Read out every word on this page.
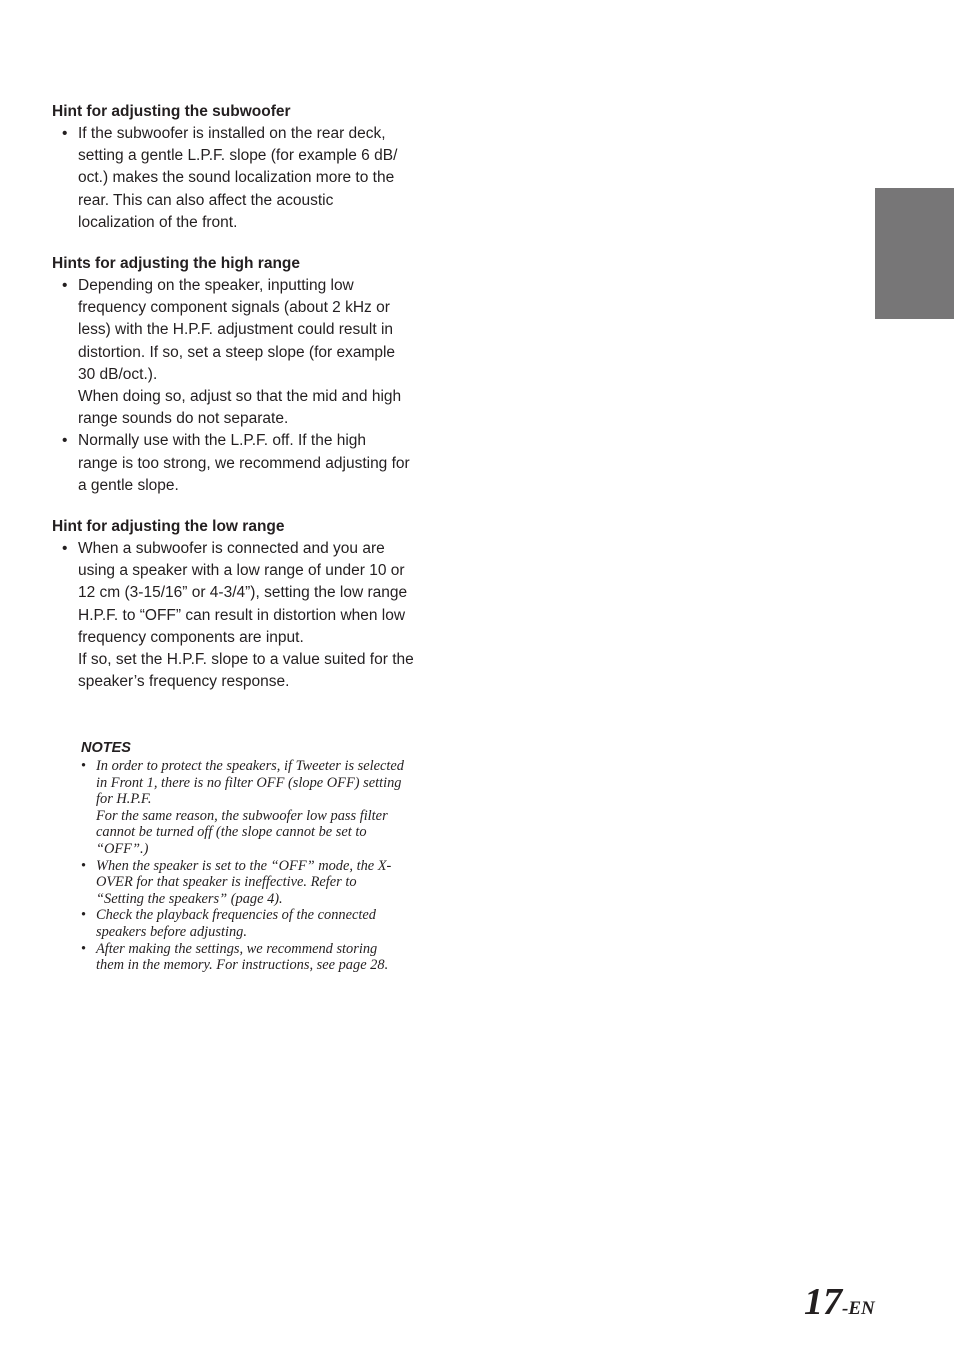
Hint for adjusting the subwoofer

• If the subwoofer is installed on the rear deck,
setting a gentle L.P.F. slope (for example 6 dB/
oct.) makes the sound localization more to the
rear. This can also affect the acoustic
localization of the front.

Hints for adjusting the high range

• Depending on the speaker, inputting low
frequency component signals (about 2 kHz or
less) with the H.P.F. adjustment could result in
distortion. If so, set a steep slope (for example
30 dB/oct.).
When doing so, adjust so that the mid and high
range sounds do not separate.
• Normally use with the L.P.F. off. If the high
range is too strong, we recommend adjusting for
a gentle slope.

Hint for adjusting the low range

• When a subwoofer is connected and you are
using a speaker with a low range of under 10 or
12 cm (3-15/16” or 4-3/4”), setting the low range
H.P.F. to “OFF” can result in distortion when low
frequency components are input.
If so, set the H.P.F. slope to a value suited for the
speaker’s frequency response.
NOTES
• In order to protect the speakers, if Tweeter is selected
in Front 1, there is no filter OFF (slope OFF) setting
for H.P.F.
For the same reason, the subwoofer low pass filter
cannot be turned off (the slope cannot be set to
“OFF”.)
• When the speaker is set to the “OFF” mode, the X-
OVER for that speaker is ineffective. Refer to
“Setting the speakers” (page 4).
• Check the playback frequencies of the connected
speakers before adjusting.
• After making the settings, we recommend storing
them in the memory. For instructions, see page 28.
17-EN
